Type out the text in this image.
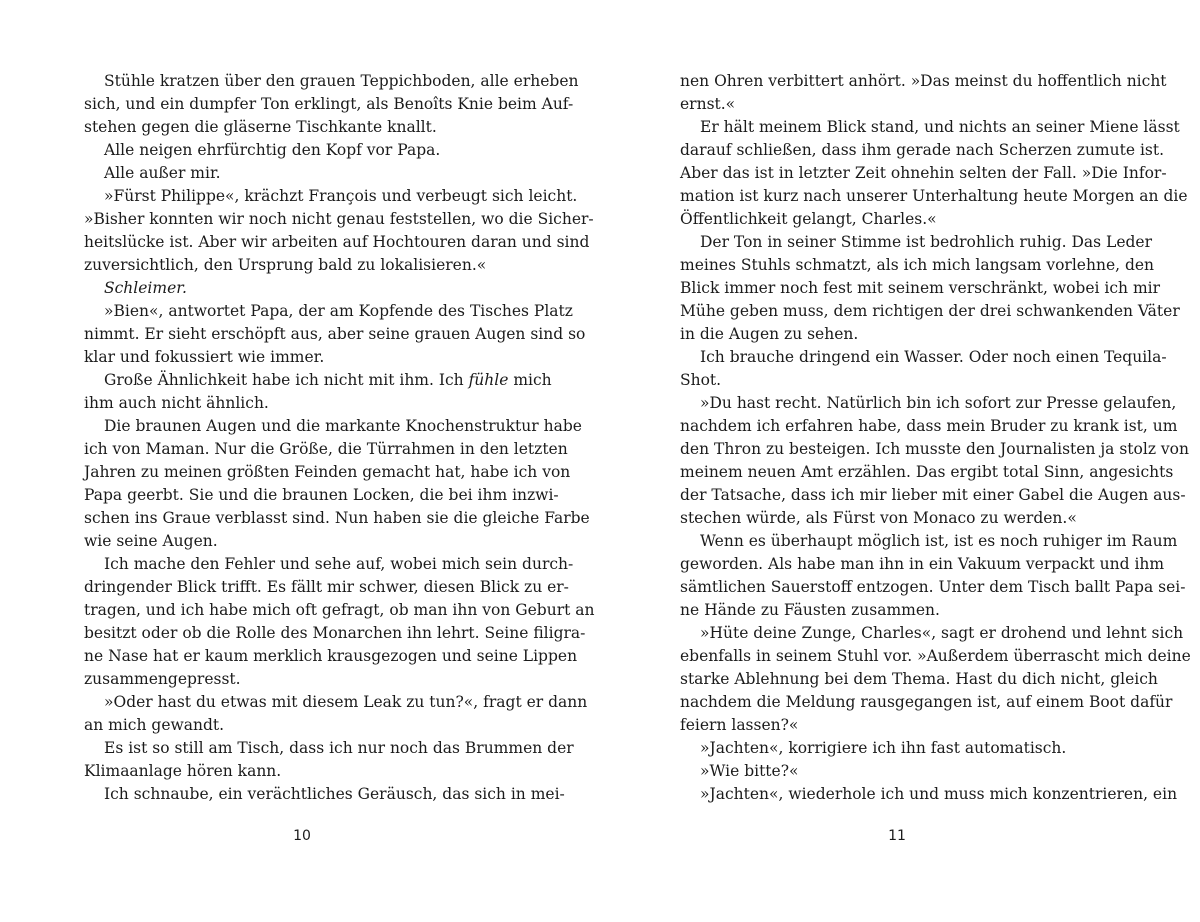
Stühle kratzen über den grauen Teppichboden, alle erheben
sich, und ein dumpfer Ton erklingt, als Benoîts Knie beim Auf-
stehen gegen die gläserne Tischkante knallt.
Alle neigen ehrfürchtig den Kopf vor Papa.
Alle außer mir.
»Fürst Philippe«, krächzt François und verbeugt sich leicht.
»Bisher konnten wir noch nicht genau feststellen, wo die Sicher-
heitslücke ist. Aber wir arbeiten auf Hochtouren daran und sind
zuversichtlich, den Ursprung bald zu lokalisieren.«
Schleimer.
»Bien«, antwortet Papa, der am Kopfende des Tisches Platz
nimmt. Er sieht erschöpft aus, aber seine grauen Augen sind so
klar und fokussiert wie immer.
Große Ähnlichkeit habe ich nicht mit ihm. Ich fühle mich
ihm auch nicht ähnlich.
Die braunen Augen und die markante Knochenstruktur habe
ich von Maman. Nur die Größe, die Türrahmen in den letzten
Jahren zu meinen größten Feinden gemacht hat, habe ich von
Papa geerbt. Sie und die braunen Locken, die bei ihm inzwi-
schen ins Graue verblasst sind. Nun haben sie die gleiche Farbe
wie seine Augen.
Ich mache den Fehler und sehe auf, wobei mich sein durch-
dringender Blick trifft. Es fällt mir schwer, diesen Blick zu er-
tragen, und ich habe mich oft gefragt, ob man ihn von Geburt an
besitzt oder ob die Rolle des Monarchen ihn lehrt. Seine filigra-
ne Nase hat er kaum merklich krausgezogen und seine Lippen
zusammengepresst.
»Oder hast du etwas mit diesem Leak zu tun?«, fragt er dann
an mich gewandt.
Es ist so still am Tisch, dass ich nur noch das Brummen der
Klimaanlage hören kann.
Ich schnaube, ein verächtliches Geräusch, das sich in mei-
nen Ohren verbittert anhört. »Das meinst du hoffentlich nicht
ernst.«
Er hält meinem Blick stand, und nichts an seiner Miene lässt
darauf schließen, dass ihm gerade nach Scherzen zumute ist.
Aber das ist in letzter Zeit ohnehin selten der Fall. »Die Infor-
mation ist kurz nach unserer Unterhaltung heute Morgen an die
Öffentlichkeit gelangt, Charles.«
Der Ton in seiner Stimme ist bedrohlich ruhig. Das Leder
meines Stuhls schmatzt, als ich mich langsam vorlehne, den
Blick immer noch fest mit seinem verschränkt, wobei ich mir
Mühe geben muss, dem richtigen der drei schwankenden Väter
in die Augen zu sehen.
Ich brauche dringend ein Wasser. Oder noch einen Tequila-
Shot.
»Du hast recht. Natürlich bin ich sofort zur Presse gelaufen,
nachdem ich erfahren habe, dass mein Bruder zu krank ist, um
den Thron zu besteigen. Ich musste den Journalisten ja stolz von
meinem neuen Amt erzählen. Das ergibt total Sinn, angesichts
der Tatsache, dass ich mir lieber mit einer Gabel die Augen aus-
stechen würde, als Fürst von Monaco zu werden.«
Wenn es überhaupt möglich ist, ist es noch ruhiger im Raum
geworden. Als habe man ihn in ein Vakuum verpackt und ihm
sämtlichen Sauerstoff entzogen. Unter dem Tisch ballt Papa sei-
ne Hände zu Fäusten zusammen.
»Hüte deine Zunge, Charles«, sagt er drohend und lehnt sich
ebenfalls in seinem Stuhl vor. »Außerdem überrascht mich deine
starke Ablehnung bei dem Thema. Hast du dich nicht, gleich
nachdem die Meldung rausgegangen ist, auf einem Boot dafür
feiern lassen?«
»Jachten«, korrigiere ich ihn fast automatisch.
»Wie bitte?«
»Jachten«, wiederhole ich und muss mich konzentrieren, ein
10	11
